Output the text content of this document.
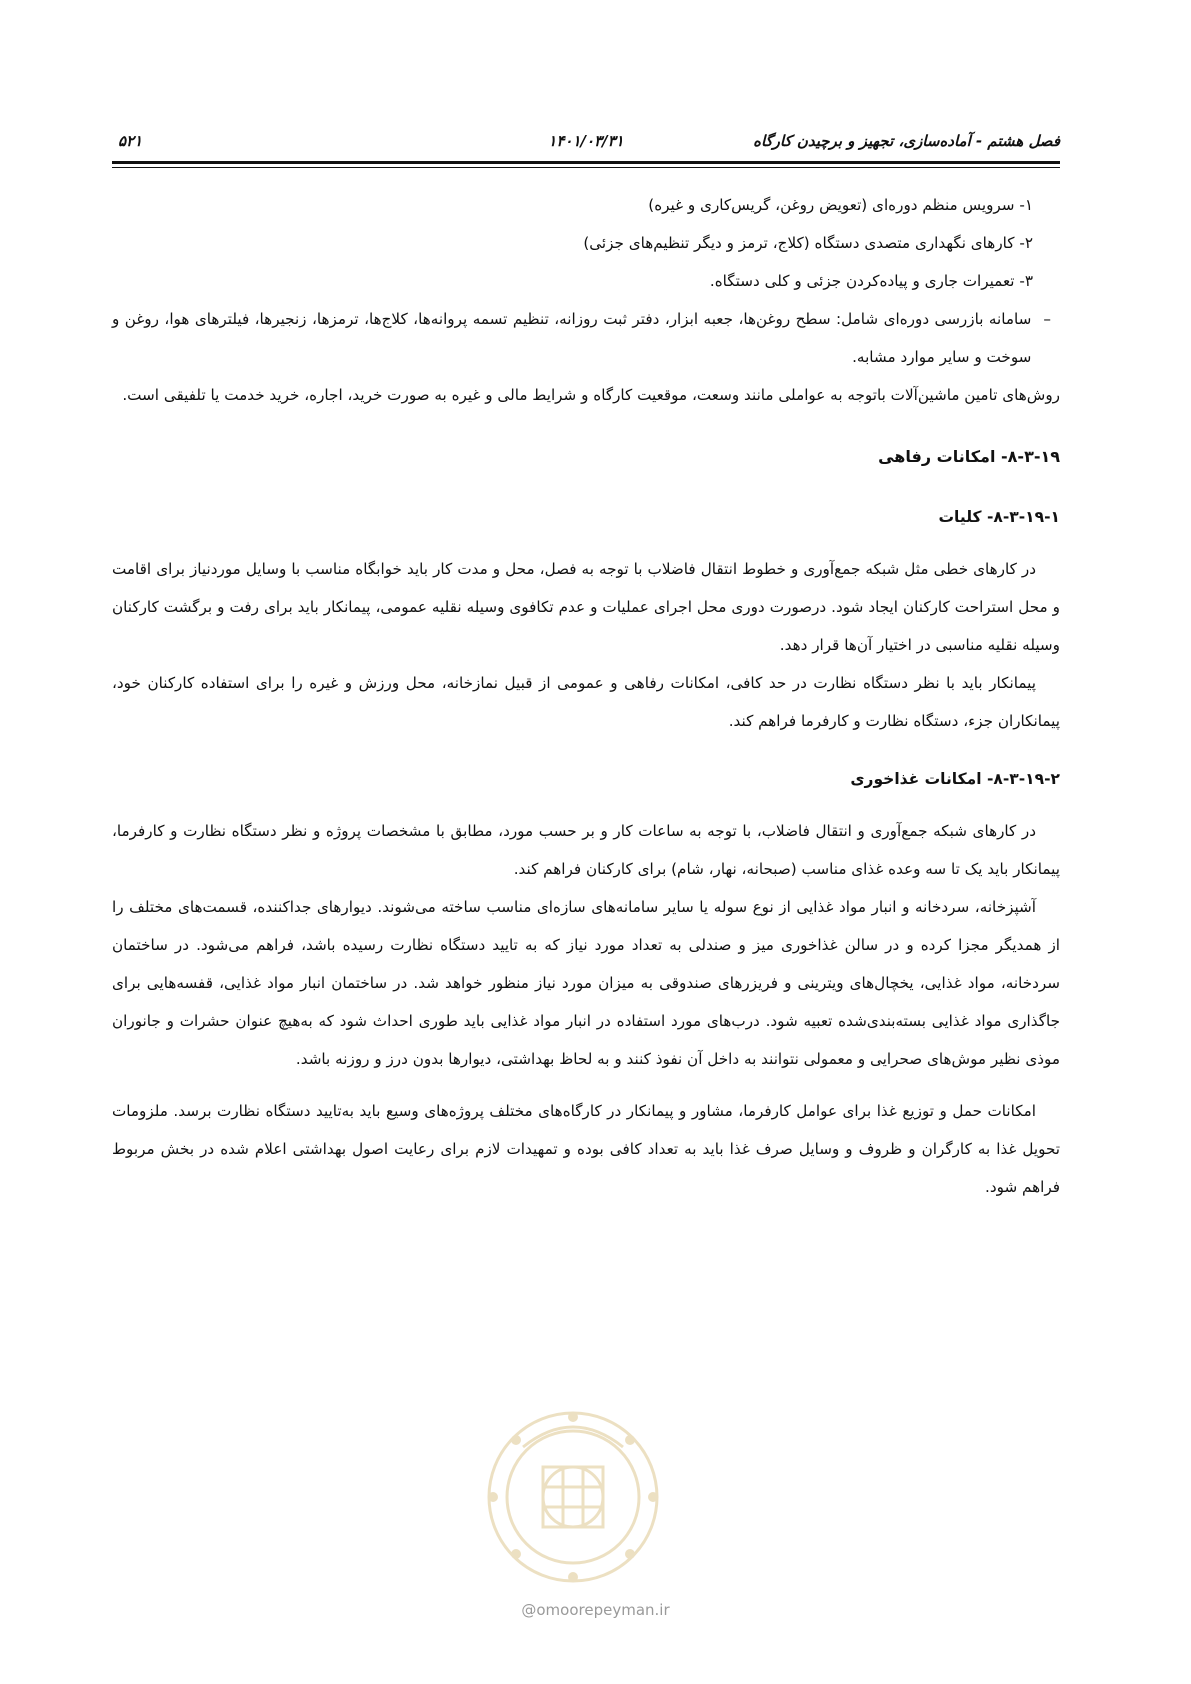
فصل هشتم - آماده‌سازی، تجهیز و برچیدن کارگاه
۱۴۰۱/۰۳/۳۱
۵۲۱

۱- سرویس منظم دوره‌ای (تعویض روغن، گریس‌کاری و غیره)

۲- کارهای نگهداری متصدی دستگاه (کلاج، ترمز و دیگر تنظیم‌های جزئی)

۳- تعمیرات جاری و پیاده‌کردن جزئی و کلی دستگاه.

–
سامانه بازرسی دوره‌ای شامل: سطح روغن‌ها، جعبه ابزار، دفتر ثبت روزانه، تنظیم تسمه پروانه‌ها، کلاج‌ها، ترمزها، زنجیرها، فیلترهای هوا، روغن و سوخت و سایر موارد مشابه.

روش‌های تامین ماشین‌آلات باتوجه به عواملی مانند وسعت، موقعیت کارگاه و شرایط مالی و غیره به صورت خرید، اجاره، خرید خدمت یا تلفیقی است.

۸-۳-۱۹- امکانات رفاهی

۸-۳-۱۹-۱- کلیات

در کارهای خطی مثل شبکه جمع‌آوری و خطوط انتقال فاضلاب با توجه به فصل، محل و مدت کار باید خوابگاه مناسب با وسایل موردنیاز برای اقامت و محل استراحت کارکنان ایجاد شود. درصورت دوری محل اجرای عملیات و عدم تکافوی وسیله نقلیه عمومی، پیمانکار باید برای رفت و برگشت کارکنان وسیله نقلیه مناسبی در اختیار آن‌ها قرار دهد.

پیمانکار باید با نظر دستگاه نظارت در حد کافی، امکانات رفاهی و عمومی از قبیل نمازخانه، محل ورزش و غیره را برای استفاده کارکنان خود، پیمانکاران جزء، دستگاه نظارت و کارفرما فراهم کند.

۸-۳-۱۹-۲- امکانات غذاخوری

در کارهای شبکه جمع‌آوری و انتقال فاضلاب، با توجه به ساعات کار و بر حسب مورد، مطابق با مشخصات پروژه و نظر دستگاه نظارت و کارفرما، پیمانکار باید یک تا سه وعده غذای مناسب (صبحانه، نهار، شام) برای کارکنان فراهم کند.

آشپزخانه، سردخانه و انبار مواد غذایی از نوع سوله یا سایر سامانه‌های سازه‌ای مناسب ساخته می‌شوند. دیوارهای جداکننده، قسمت‌های مختلف را از همدیگر مجزا کرده و در سالن غذاخوری میز و صندلی به تعداد مورد نیاز که به تایید دستگاه نظارت رسیده باشد، فراهم می‌شود. در ساختمان سردخانه، مواد غذایی، یخچال‌های ویترینی و فریزرهای صندوقی به میزان مورد نیاز منظور خواهد شد. در ساختمان انبار مواد غذایی، قفسه‌هایی برای جاگذاری مواد غذایی بسته‌بندی‌شده تعبیه شود. درب‌های مورد استفاده در انبار مواد غذایی باید طوری احداث شود که به‌هیچ عنوان حشرات و جانوران موذی نظیر موش‌های صحرایی و معمولی نتوانند به داخل آن نفوذ کنند و به لحاظ بهداشتی، دیوارها بدون درز و روزنه باشد.

امکانات حمل و توزیع غذا برای عوامل کارفرما، مشاور و پیمانکار در کارگاه‌های مختلف پروژه‌های وسیع باید به‌تایید دستگاه نظارت برسد. ملزومات تحویل غذا به کارگران و ظروف و وسایل صرف غذا باید به تعداد کافی بوده و تمهیدات لازم برای رعایت اصول بهداشتی اعلام شده در بخش مربوط فراهم شود.

@omoorepeyman.ir
